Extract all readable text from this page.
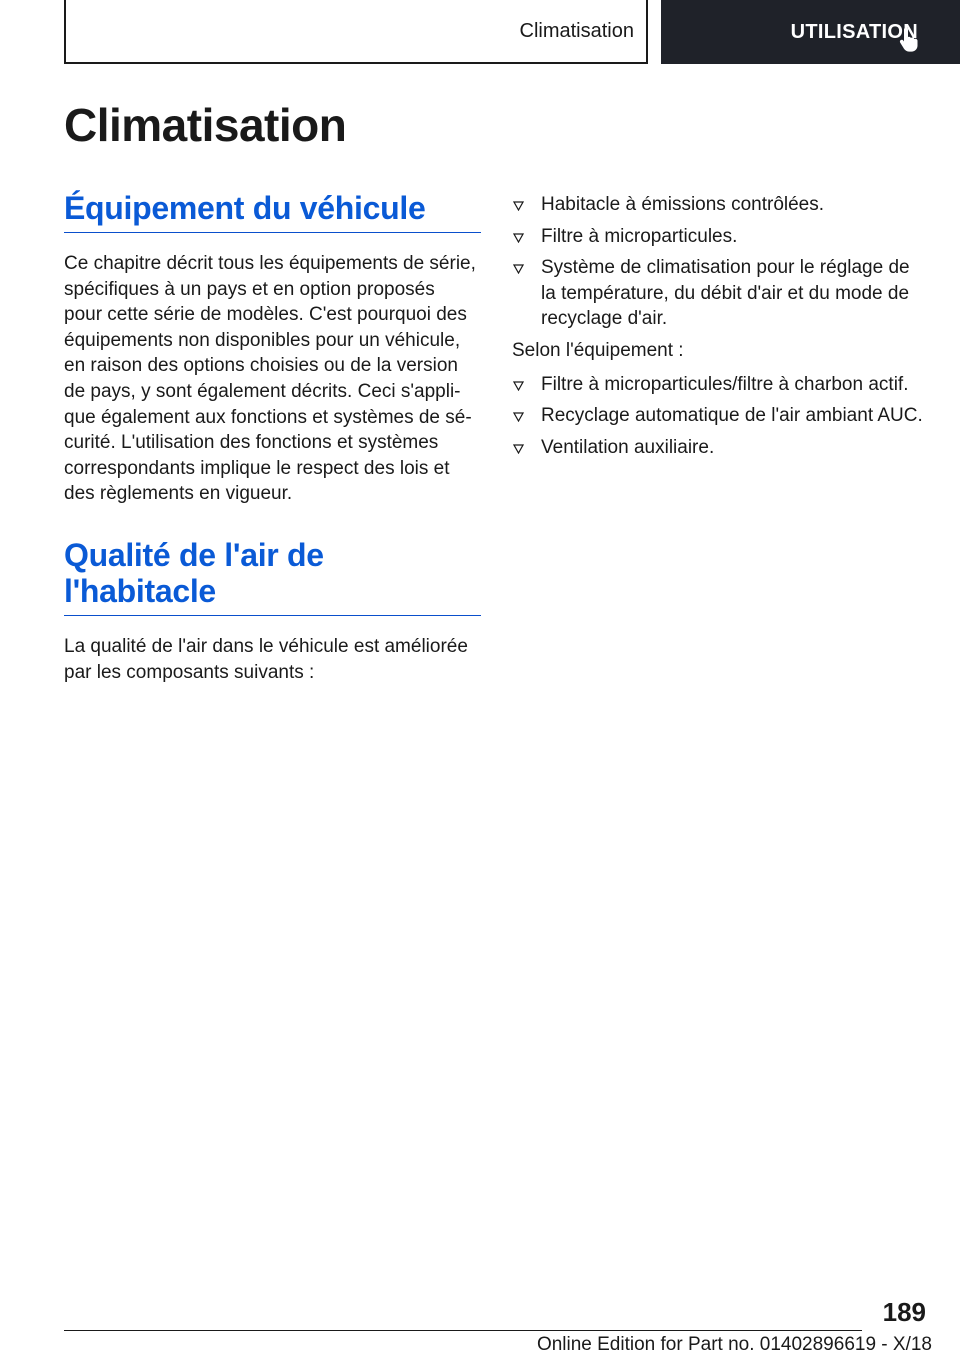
Climatisation	UTILISATION
Climatisation
Équipement du véhicule

Ce chapitre décrit tous les équipements de série,
spécifiques à un pays et en option proposés
pour cette série de modèles. C'est pourquoi des
équipements non disponibles pour un véhicule,
en raison des options choisies ou de la version
de pays, y sont également décrits. Ceci s'appli-
que également aux fonctions et systèmes de sé-
curité. L'utilisation des fonctions et systèmes
correspondants implique le respect des lois et
des règlements en vigueur.

Qualité de l'air de
l'habitacle

La qualité de l'air dans le véhicule est améliorée
par les composants suivants :

Habitacle à émissions contrôlées.
Filtre à microparticules.
Système de climatisation pour le réglage de
la température, du débit d'air et du mode de
recyclage d'air.

Selon l'équipement :

Filtre à microparticules/filtre à charbon actif.
Recyclage automatique de l'air ambiant AUC.
Ventilation auxiliaire.
189
Online Edition for Part no. 01402896619 - X/18
